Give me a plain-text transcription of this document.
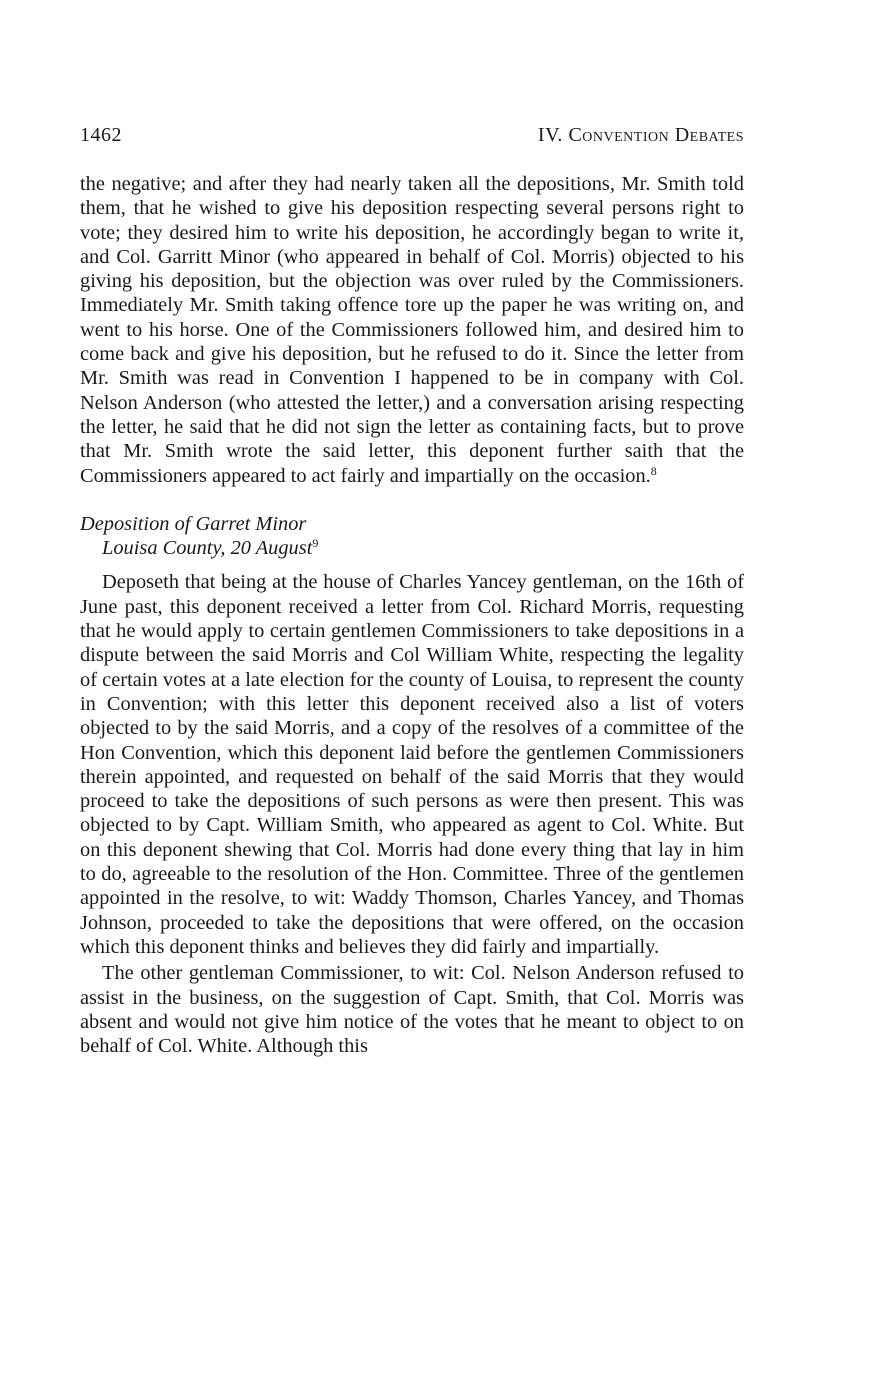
1462	IV. Convention Debates

the negative; and after they had nearly taken all the depositions, Mr. Smith told them, that he wished to give his deposition respecting several persons right to vote; they desired him to write his deposition, he accordingly began to write it, and Col. Garritt Minor (who appeared in behalf of Col. Morris) objected to his giving his deposition, but the objection was over ruled by the Commissioners. Immediately Mr. Smith taking offence tore up the paper he was writing on, and went to his horse. One of the Commissioners followed him, and desired him to come back and give his deposition, but he refused to do it. Since the letter from Mr. Smith was read in Convention I happened to be in company with Col. Nelson Anderson (who attested the letter,) and a conversation arising respecting the letter, he said that he did not sign the letter as containing facts, but to prove that Mr. Smith wrote the said letter, this deponent further saith that the Commissioners appeared to act fairly and impartially on the occasion.$^8$

Deposition of Garret Minor

Louisa County, 20 August$^9$

Deposeth that being at the house of Charles Yancey gentleman, on the 16th of June past, this deponent received a letter from Col. Richard Morris, requesting that he would apply to certain gentlemen Commissioners to take depositions in a dispute between the said Morris and Col William White, respecting the legality of certain votes at a late election for the county of Louisa, to represent the county in Convention; with this letter this deponent received also a list of voters objected to by the said Morris, and a copy of the resolves of a committee of the Hon Convention, which this deponent laid before the gentlemen Commissioners therein appointed, and requested on behalf of the said Morris that they would proceed to take the depositions of such persons as were then present. This was objected to by Capt. William Smith, who appeared as agent to Col. White. But on this deponent shewing that Col. Morris had done every thing that lay in him to do, agreeable to the resolution of the Hon. Committee. Three of the gentlemen appointed in the resolve, to wit: Waddy Thomson, Charles Yancey, and Thomas Johnson, proceeded to take the depositions that were offered, on the occasion which this deponent thinks and believes they did fairly and impartially.

The other gentleman Commissioner, to wit: Col. Nelson Anderson refused to assist in the business, on the suggestion of Capt. Smith, that Col. Morris was absent and would not give him notice of the votes that he meant to object to on behalf of Col. White. Although this
